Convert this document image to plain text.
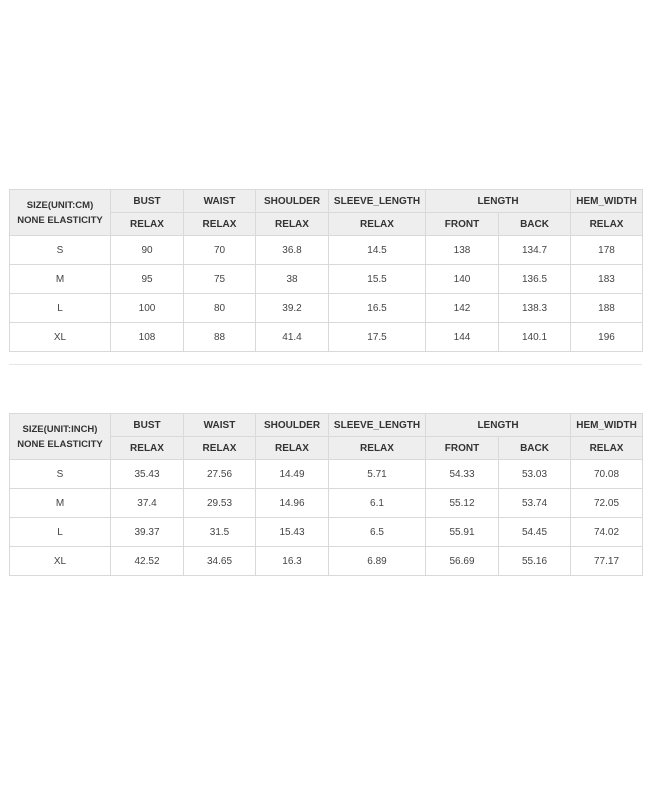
SIZE(UNIT:CM)
NONE ELASTICITY	BUST	WAIST	SHOULDER	SLEEVE_LENGTH	LENGTH		HEM_WIDTH
	RELAX	RELAX	RELAX	RELAX	FRONT	BACK	RELAX
S	90	70	36.8	14.5	138	134.7	178
M	95	75	38	15.5	140	136.5	183
L	100	80	39.2	16.5	142	138.3	188
XL	108	88	41.4	17.5	144	140.1	196
SIZE(UNIT:INCH)
NONE ELASTICITY	BUST	WAIST	SHOULDER	SLEEVE_LENGTH	LENGTH		HEM_WIDTH
	RELAX	RELAX	RELAX	RELAX	FRONT	BACK	RELAX
S	35.43	27.56	14.49	5.71	54.33	53.03	70.08
M	37.4	29.53	14.96	6.1	55.12	53.74	72.05
L	39.37	31.5	15.43	6.5	55.91	54.45	74.02
XL	42.52	34.65	16.3	6.89	56.69	55.16	77.17
